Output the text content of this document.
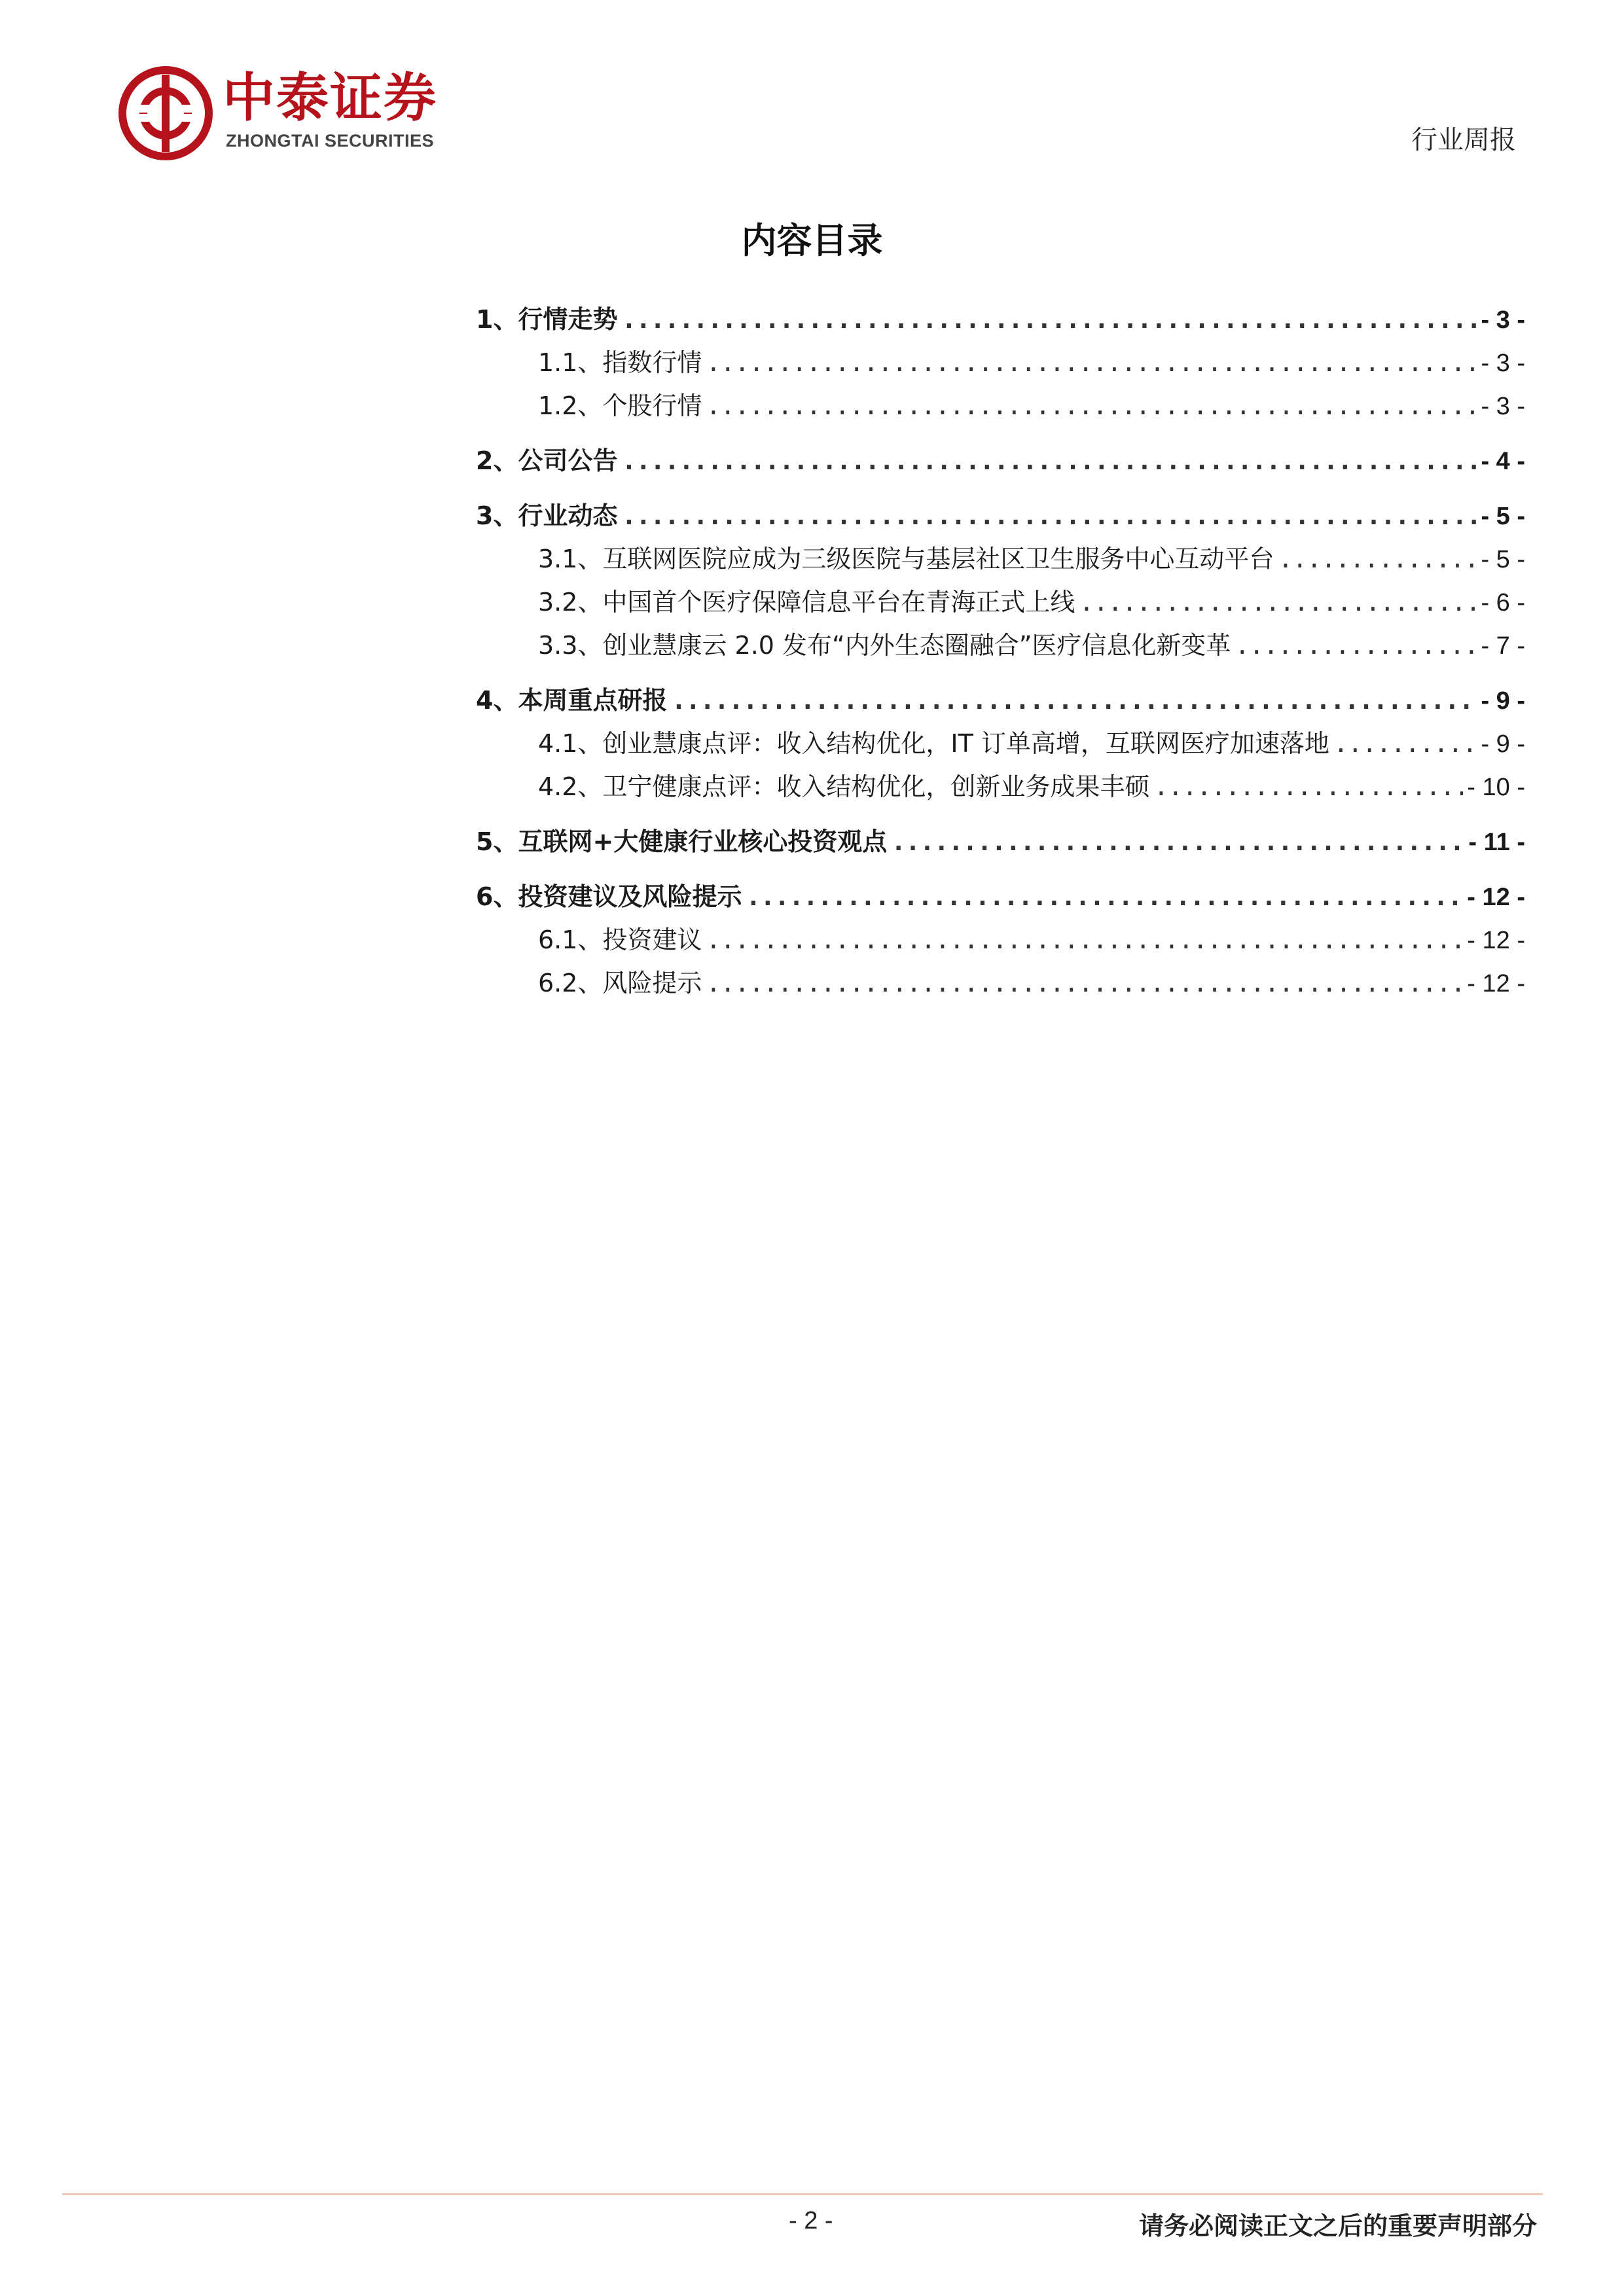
中泰证券
ZHONGTAI SECURITIES	行业周报
内容目录
1、行情走势 .....	- 3 -
1.1、指数行情 .....	- 3 -
1.2、个股行情 .....	- 3 -
2、公司公告 .....	- 4 -
3、行业动态 .....	- 5 -
3.1、互联网医院应成为三级医院与基层社区卫生服务中心互动平台 .....	- 5 -
3.2、中国首个医疗保障信息平台在青海正式上线 .....	- 6 -
3.3、创业慧康云 2.0 发布“内外生态圈融合”医疗信息化新变革 .....	- 7 -
4、本周重点研报 .....	- 9 -
4.1、创业慧康点评：收入结构优化，IT 订单高增，互联网医疗加速落地 .....	- 9 -
4.2、卫宁健康点评：收入结构优化，创新业务成果丰硕 .....	- 10 -
5、互联网+大健康行业核心投资观点 .....	- 11 -
6、投资建议及风险提示 .....	- 12 -
6.1、投资建议 .....	- 12 -
6.2、风险提示 .....	- 12 -
- 2 -	请务必阅读正文之后的重要声明部分
